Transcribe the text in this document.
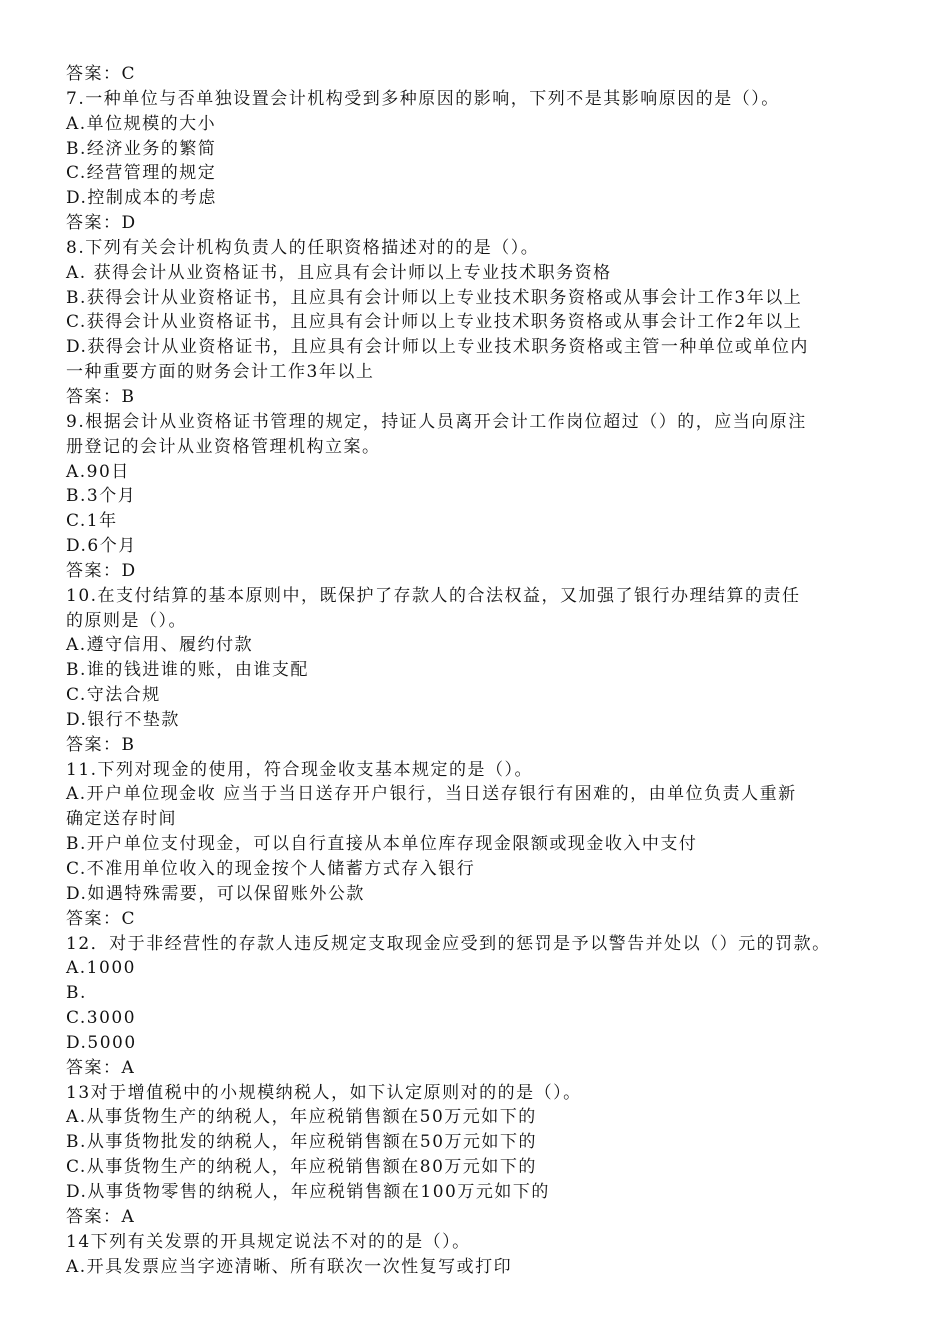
答案：C
7.一种单位与否单独设置会计机构受到多种原因的影响，下列不是其影响原因的是（）。
A.单位规模的大小
B.经济业务的繁简
C.经营管理的规定
D.控制成本的考虑
答案：D
8.下列有关会计机构负责人的任职资格描述对的的是（）。
A. 获得会计从业资格证书，且应具有会计师以上专业技术职务资格
B.获得会计从业资格证书，且应具有会计师以上专业技术职务资格或从事会计工作3年以上
C.获得会计从业资格证书，且应具有会计师以上专业技术职务资格或从事会计工作2年以上
D.获得会计从业资格证书，且应具有会计师以上专业技术职务资格或主管一种单位或单位内
一种重要方面的财务会计工作3年以上
答案：B
9.根据会计从业资格证书管理的规定，持证人员离开会计工作岗位超过（）的，应当向原注
册登记的会计从业资格管理机构立案。
A.90日
B.3个月
C.1年
D.6个月
答案：D
10.在支付结算的基本原则中，既保护了存款人的合法权益，又加强了银行办理结算的责任
的原则是（）。
A.遵守信用、履约付款
B.谁的钱进谁的账，由谁支配
C.守法合规
D.银行不垫款
答案：B
11.下列对现金的使用，符合现金收支基本规定的是（）。
A.开户单位现金收 应当于当日送存开户银行，当日送存银行有困难的，由单位负责人重新
确定送存时间
B.开户单位支付现金，可以自行直接从本单位库存现金限额或现金收入中支付
C.不准用单位收入的现金按个人储蓄方式存入银行
D.如遇特殊需要，可以保留账外公款
答案：C
12．对于非经营性的存款人违反规定支取现金应受到的惩罚是予以警告并处以（）元的罚款。
A.1000
B.
C.3000
D.5000
答案：A
13对于增值税中的小规模纳税人，如下认定原则对的的是（）。
A.从事货物生产的纳税人，年应税销售额在50万元如下的
B.从事货物批发的纳税人，年应税销售额在50万元如下的
C.从事货物生产的纳税人，年应税销售额在80万元如下的
D.从事货物零售的纳税人，年应税销售额在100万元如下的
答案：A
14下列有关发票的开具规定说法不对的的是（）。
A.开具发票应当字迹清晰、所有联次一次性复写或打印
